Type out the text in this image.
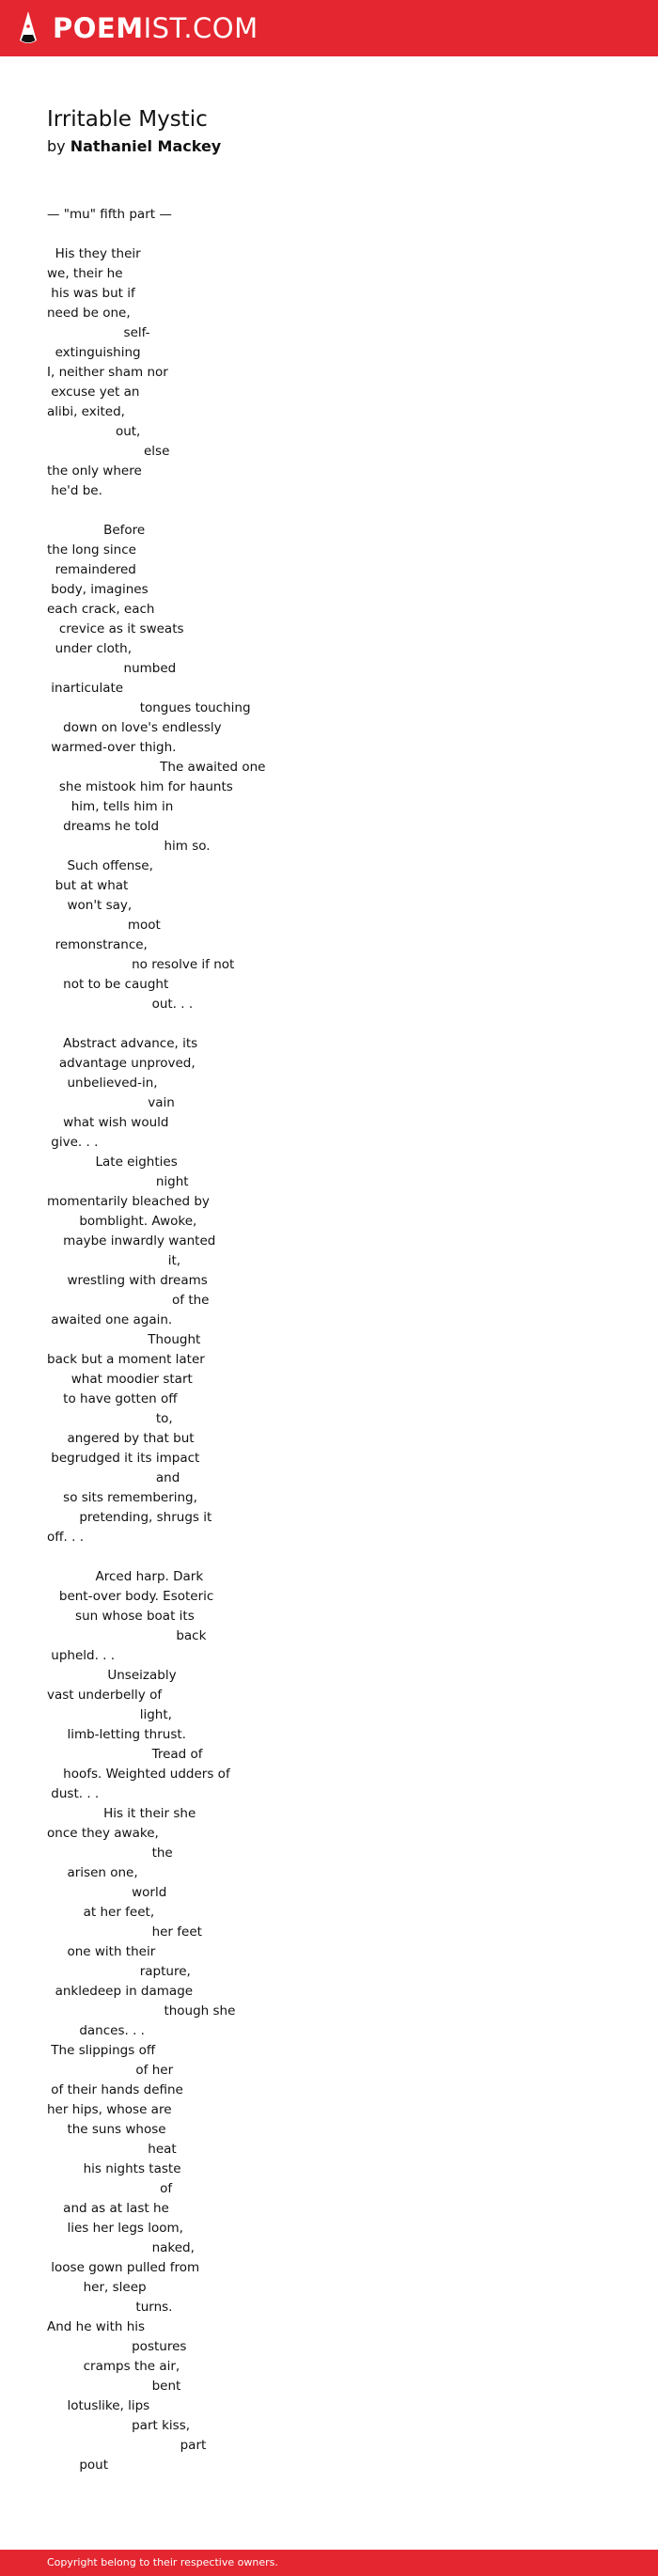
POEMIST.COM
Irritable Mystic
by Nathaniel Mackey
— "mu" fifth part —

His they their
we, their he
his was but if
need be one,
self-
extinguishing
I, neither sham nor
excuse yet an
alibi, exited,
out,
else
the only where
he'd be.

Before
the long since
remaindered
body, imagines
each crack, each
crevice as it sweats
under cloth,
numbed
inarticulate
tongues touching
down on love's endlessly
warmed-over thigh.
The awaited one
she mistook him for haunts
him, tells him in
dreams he told
him so.
Such offense,
but at what
won't say,
moot
remonstrance,
no resolve if not
not to be caught
out. . .

Abstract advance, its
advantage unproved,
unbelieved-in,
vain
what wish would
give. . .
Late eighties
night
momentarily bleached by
bomblight. Awoke,
maybe inwardly wanted
it,
wrestling with dreams
of the
awaited one again.
Thought
back but a moment later
what moodier start
to have gotten off
to,
angered by that but
begrudged it its impact
and
so sits remembering,
pretending, shrugs it
off. . .

Arced harp. Dark
bent-over body. Esoteric
sun whose boat its
back
upheld. . .
Unseizably
vast underbelly of
light,
limb-letting thrust.
Tread of
hoofs. Weighted udders of
dust. . .
His it their she
once they awake,
the
arisen one,
world
at her feet,
her feet
one with their
rapture,
ankledeep in damage
though she
dances. . .
The slippings off
of her
of their hands define
her hips, whose are
the suns whose
heat
his nights taste
of
and as at last he
lies her legs loom,
naked,
loose gown pulled from
her, sleep
turns.
And he with his
postures
cramps the air,
bent
lotuslike, lips
part kiss,
part
pout
Copyright belong to their respective owners.
